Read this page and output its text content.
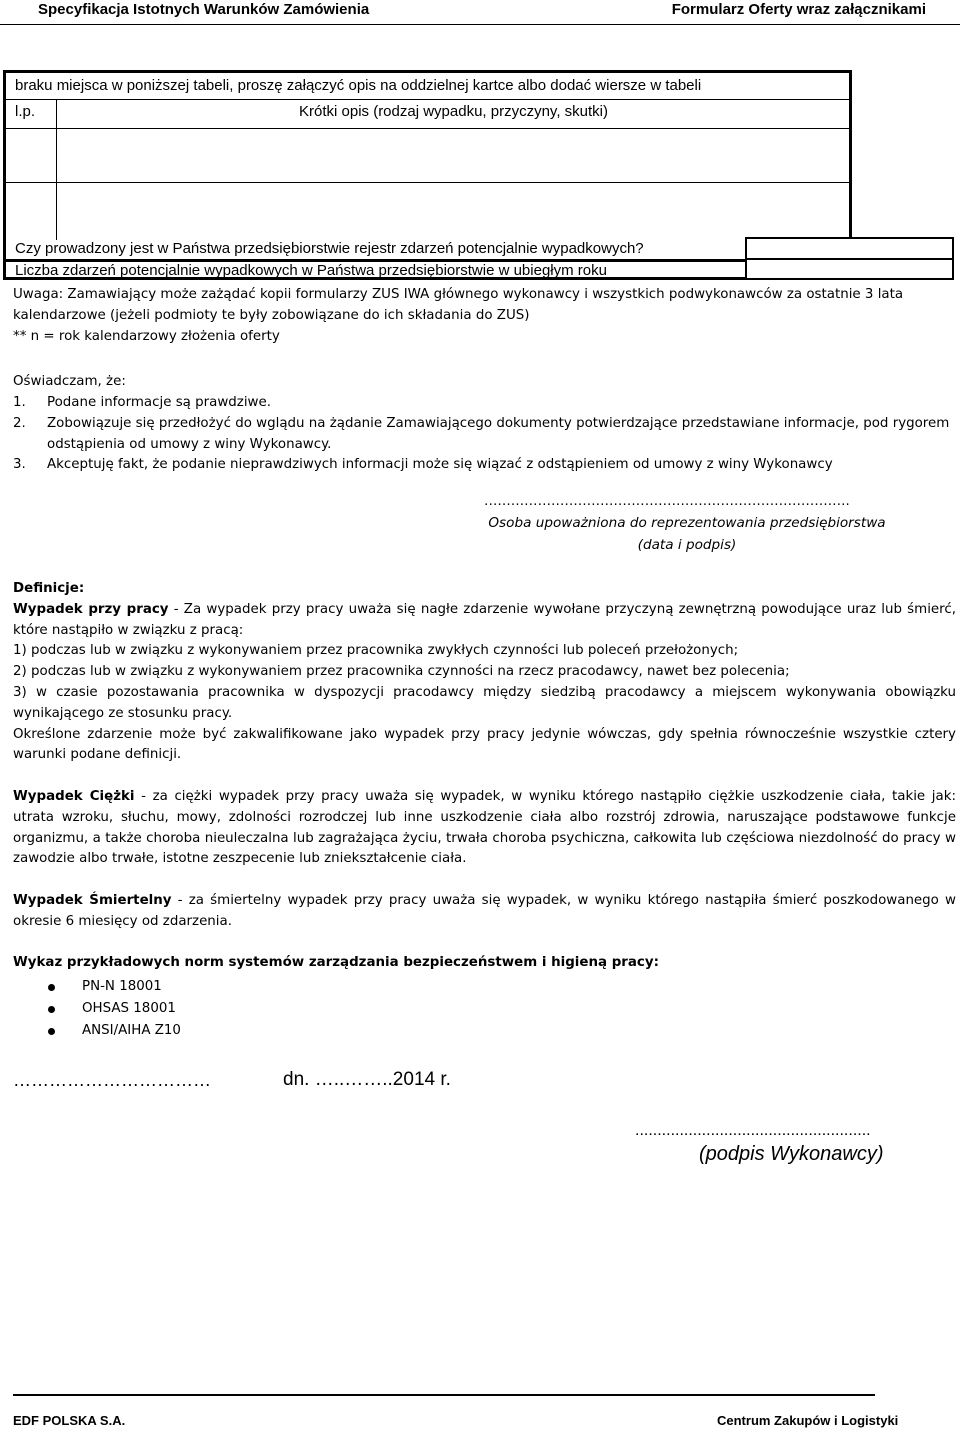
Specyfikacja Istotnych Warunków Zamówienia	Formularz Oferty wraz załącznikami
braku miejsca w poniższej tabeli, proszę załączyć opis na oddzielnej kartce albo dodać wiersze w tabeli
l.p.	Krótki opis (rodzaj wypadku, przyczyny, skutki)
Czy prowadzony jest w Państwa przedsiębiorstwie rejestr zdarzeń potencjalnie wypadkowych?
Liczba zdarzeń potencjalnie wypadkowych w Państwa przedsiębiorstwie w ubiegłym roku

Uwaga: Zamawiający może zażądać kopii formularzy ZUS IWA głównego wykonawcy i wszystkich podwykonawców za ostatnie 3 lata kalendarzowe (jeżeli podmioty te były zobowiązane do ich składania do ZUS)

** n = rok kalendarzowy złożenia oferty

Oświadczam, że:

1. Podane informacje są prawdziwe.
2. Zobowiązuje się przedłożyć do wglądu na żądanie Zamawiającego dokumenty potwierdzające przedstawiane informacje, pod rygorem odstąpienia od umowy z winy Wykonawcy.
3. Akceptuję fakt, że podanie nieprawdziwych informacji może się wiązać z odstąpieniem od umowy z winy Wykonawcy
……………………………………………………………………….
Osoba upoważniona do reprezentowania przedsiębiorstwa
(data i podpis)

Definicje:

Wypadek przy pracy - Za wypadek przy pracy uważa się nagłe zdarzenie wywołane przyczyną zewnętrzną powodujące uraz lub śmierć, które nastąpiło w związku z pracą:

1) podczas lub w związku z wykonywaniem przez pracownika zwykłych czynności lub poleceń przełożonych;

2) podczas lub w związku z wykonywaniem przez pracownika czynności na rzecz pracodawcy, nawet bez polecenia;

3) w czasie pozostawania pracownika w dyspozycji pracodawcy między siedzibą pracodawcy a miejscem wykonywania obowiązku wynikającego ze stosunku pracy.

Określone zdarzenie może być zakwalifikowane jako wypadek przy pracy jedynie wówczas, gdy spełnia równocześnie wszystkie cztery warunki podane definicji.

Wypadek Ciężki - za ciężki wypadek przy pracy uważa się wypadek, w wyniku którego nastąpiło ciężkie uszkodzenie ciała, takie jak: utrata wzroku, słuchu, mowy, zdolności rozrodczej lub inne uszkodzenie ciała albo rozstrój zdrowia, naruszające podstawowe funkcje organizmu, a także choroba nieuleczalna lub zagrażająca życiu, trwała choroba psychiczna, całkowita lub częściowa niezdolność do pracy w zawodzie albo trwałe, istotne zeszpecenie lub zniekształcenie ciała.

Wypadek Śmiertelny - za śmiertelny wypadek przy pracy uważa się wypadek, w wyniku którego nastąpiła śmierć poszkodowanego w okresie 6 miesięcy od zdarzenia.

Wykaz przykładowych norm systemów zarządzania bezpieczeństwem i higieną pracy:

PN-N 18001
OHSAS 18001
ANSI/AIHA Z10
……………………………	dn. …..……..2014 r.
.....................................................
(podpis Wykonawcy)
EDF POLSKA S.A.	Centrum Zakupów i Logistyki
